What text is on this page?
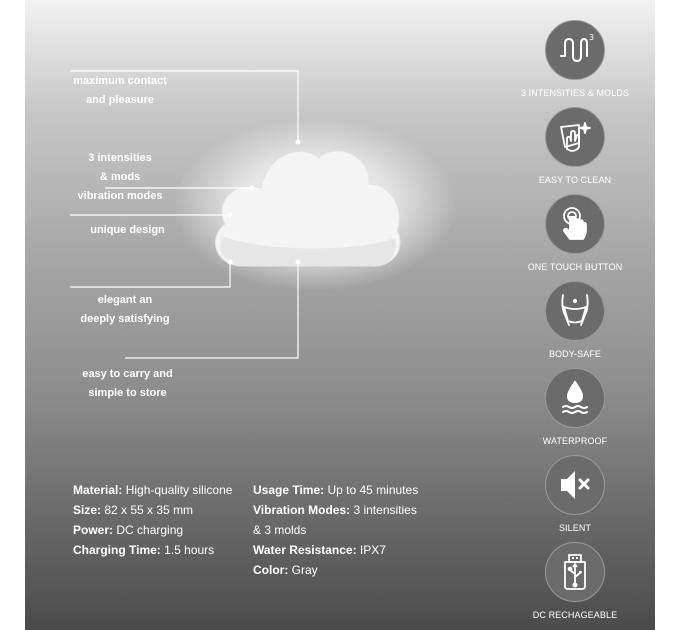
maximum contact
and pleasure
3 intensities
& mods
vibration modes
unique design
elegant an
deeply satisfying
easy to carry and
simple to store
Material: High-quality silicone
Size: 82 x 55 x 35 mm
Power: DC charging
Charging Time: 1.5 hours
Usage Time: Up to 45 minutes
Vibration Modes: 3 intensities & 3 molds
Water Resistance: IPX7
Color: Gray
3
3 INTENSITIES & MOLDS
EASY TO CLEAN
ONE TOUCH BUTTON
BODY-SAFE
WATERPROOF
SILENT
DC RECHAGEABLE
